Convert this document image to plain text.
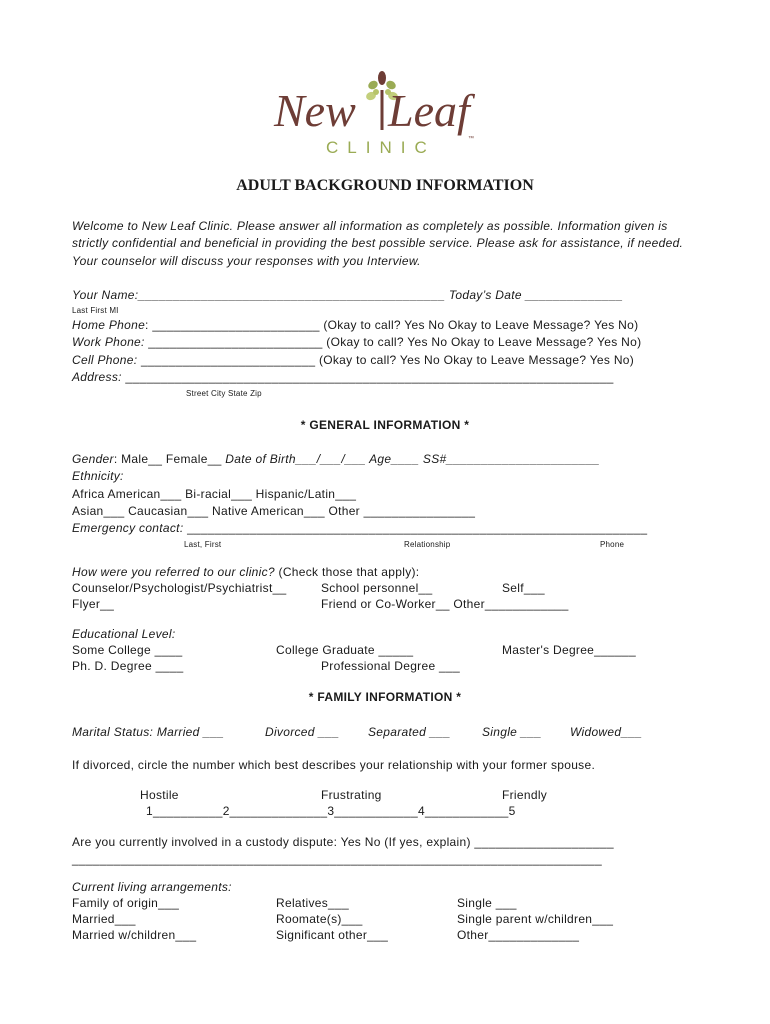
New Leaf
CLINIC	™
ADULT BACKGROUND INFORMATION
Welcome to New Leaf Clinic. Please answer all information as completely as possible. Information given is
strictly confidential and beneficial in providing the best possible service. Please ask for assistance, if needed.
Your counselor will discuss your responses with you Interview.
Your Name:____________________________________________ Today’s Date ______________
Last First MI
Home Phone: ________________________ (Okay to call? Yes No Okay to Leave Message? Yes No)
Work Phone: _________________________ (Okay to call? Yes No Okay to Leave Message? Yes No)
Cell Phone: _________________________ (Okay to call? Yes No Okay to Leave Message? Yes No)
Address: ______________________________________________________________________
Street City State Zip
* GENERAL INFORMATION *
Gender: Male__ Female__ Date of Birth___/___/___ Age____ SS#______________________
Ethnicity:
Africa American___ Bi-racial___ Hispanic/Latin___
Asian___ Caucasian___ Native American___ Other ________________
Emergency contact: __________________________________________________________________
Last, First	Relationship	Phone
How were you referred to our clinic? (Check those that apply):
Counselor/Psychologist/Psychiatrist__	School personnel__	Self___
Flyer__	Friend or Co-Worker__ Other____________
Educational Level:
Some College ____	College Graduate _____	Master's Degree______
Ph. D. Degree ____	Professional Degree ___
* FAMILY INFORMATION *
Marital Status: Married ___	Divorced ___ Separated ___	Single ___ Widowed___
If divorced, circle the number which best describes your relationship with your former spouse.
Hostile	Frustrating	Friendly
1__________2______________3____________4____________5
Are you currently involved in a custody dispute: Yes No (If yes, explain) ____________________
____________________________________________________________________________
Current living arrangements:
Family of origin___	Relatives___	Single ___
Married___	Roomate(s)___	Single parent w/children___
Married w/children___	Significant other___	Other_____________
